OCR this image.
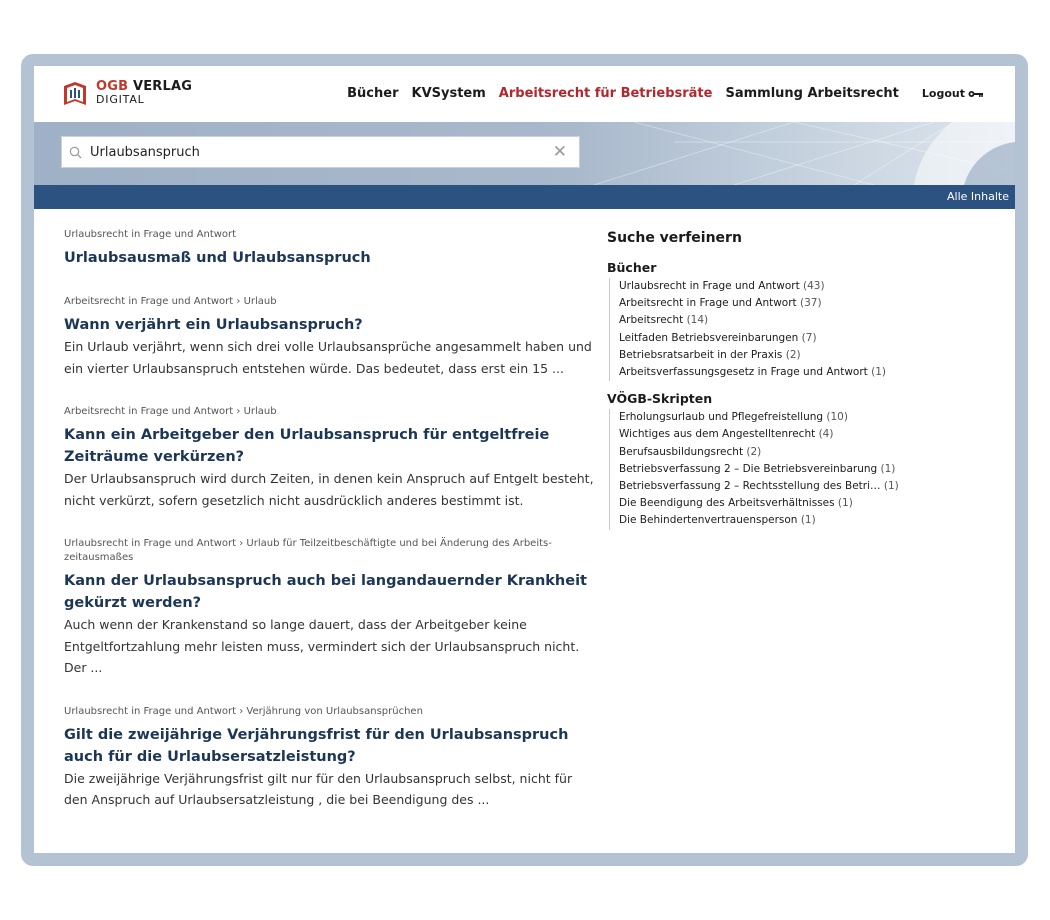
OGB VERLAG
DIGITAL	Bücher KVSystem Arbeitsrecht für Betriebsräte Sammlung Arbeitsrecht Logout
Urlaubsanspruch
✕
Alle Inhalte
Urlaubsrecht in Frage und Antwort
Urlaubsausmaß und Urlaubsanspruch
Arbeitsrecht in Frage und Antwort › Urlaub
Wann verjährt ein Urlaubsanspruch?
Ein Urlaub verjährt, wenn sich drei volle Urlaubsansprüche angesammelt haben und ein vierter Urlaubsanspruch entstehen würde. Das bedeutet, dass erst ein 15 ...
Arbeitsrecht in Frage und Antwort › Urlaub
Kann ein Arbeitgeber den Urlaubsanspruch für entgeltfreie Zeiträume verkürzen?
Der Urlaubsanspruch wird durch Zeiten, in denen kein Anspruch auf Entgelt besteht, nicht verkürzt, sofern gesetzlich nicht ausdrücklich anderes bestimmt ist.
Urlaubsrecht in Frage und Antwort › Urlaub für Teilzeitbeschäftigte und bei Änderung des Arbeits-zeitausmaßes
Kann der Urlaubsanspruch auch bei langandauernder Krankheit gekürzt werden?
Auch wenn der Krankenstand so lange dauert, dass der Arbeitgeber keine Entgeltfortzahlung mehr leisten muss, vermindert sich der Urlaubsanspruch nicht. Der ...
Urlaubsrecht in Frage und Antwort › Verjährung von Urlaubsansprüchen
Gilt die zweijährige Verjährungsfrist für den Urlaubsanspruch auch für die Urlaubsersatzleistung?
Die zweijährige Verjährungsfrist gilt nur für den Urlaubsanspruch selbst, nicht für den Anspruch auf Urlaubsersatzleistung , die bei Beendigung des ...
Suche verfeinern
Bücher
Urlaubsrecht in Frage und Antwort (43)
Arbeitsrecht in Frage und Antwort (37)
Arbeitsrecht (14)
Leitfaden Betriebsvereinbarungen (7)
Betriebsratsarbeit in der Praxis (2)
Arbeitsverfassungsgesetz in Frage und Antwort (1)
VÖGB-Skripten
Erholungsurlaub und Pflegefreistellung (10)
Wichtiges aus dem Angestelltenrecht (4)
Berufsausbildungsrecht (2)
Betriebsverfassung 2 – Die Betriebsvereinbarung (1)
Betriebsverfassung 2 – Rechtsstellung des Betri… (1)
Die Beendigung des Arbeitsverhältnisses (1)
Die Behindertenvertrauensperson (1)
